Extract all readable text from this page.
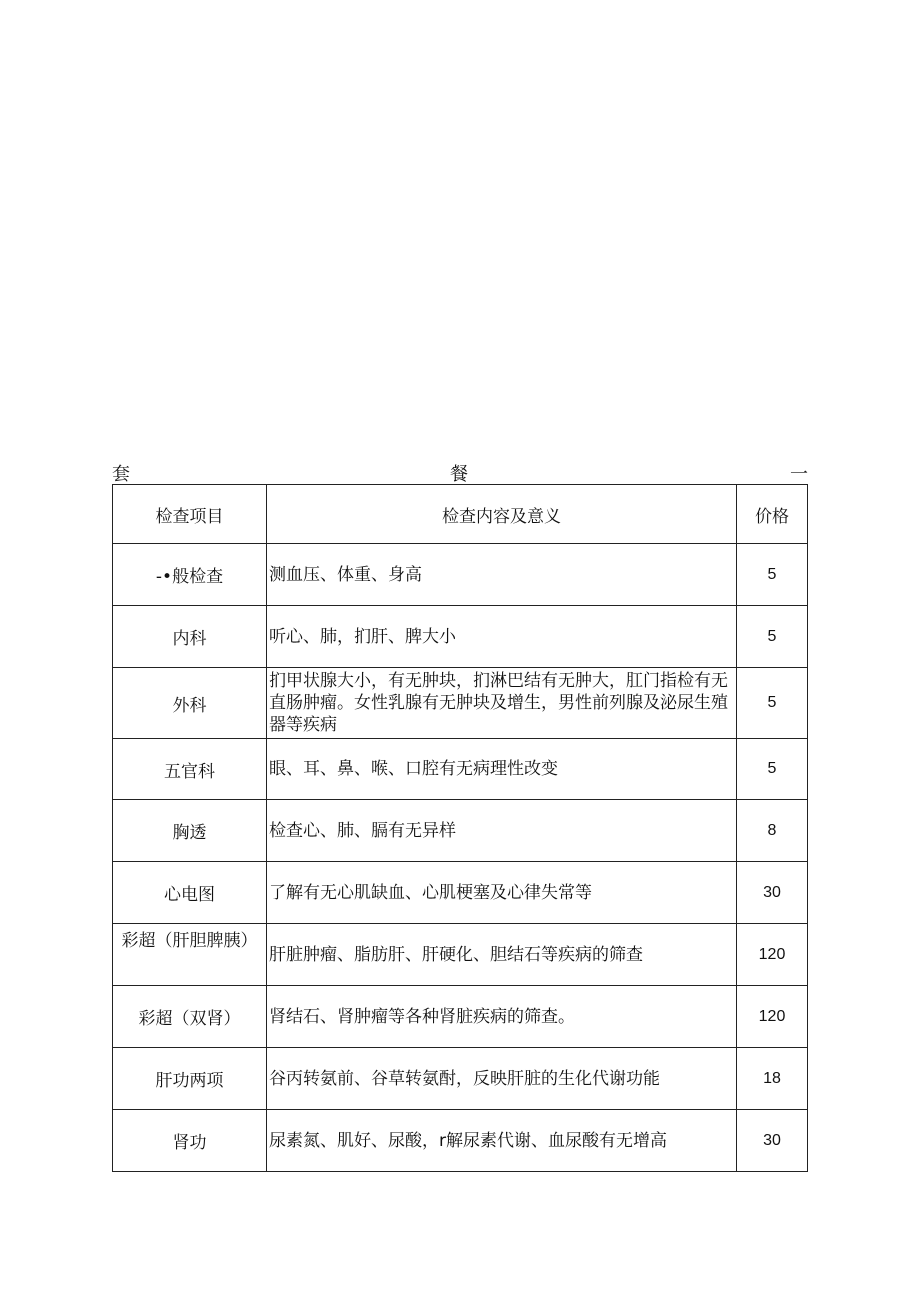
套	餐	一
检查项目	检查内容及意义	价格
-•般检查	测血压、体重、身高	5
内科	听心、肺，扪肝、脾大小	5
外科	扪甲状腺大小，有无肿块，扪淋巴结有无肿大，肛门指检有无直肠肿瘤。女性乳腺有无肿块及增生，男性前列腺及泌尿生殖器等疾病	5
五官科	眼、耳、鼻、喉、口腔有无病理性改变	5
胸透	检查心、肺、膈有无异样	8
心电图	了解有无心肌缺血、心肌梗塞及心律失常等	30
彩超（肝胆脾胰）	肝脏肿瘤、脂肪肝、肝硬化、胆结石等疾病的筛查	120
彩超（双肾）	肾结石、肾肿瘤等各种肾脏疾病的筛查。	120
肝功两项	谷丙转氨前、谷草转氨酎，反映肝脏的生化代谢功能	18
肾功	尿素氮、肌好、尿酸，r解尿素代谢、血尿酸有无增高	30
